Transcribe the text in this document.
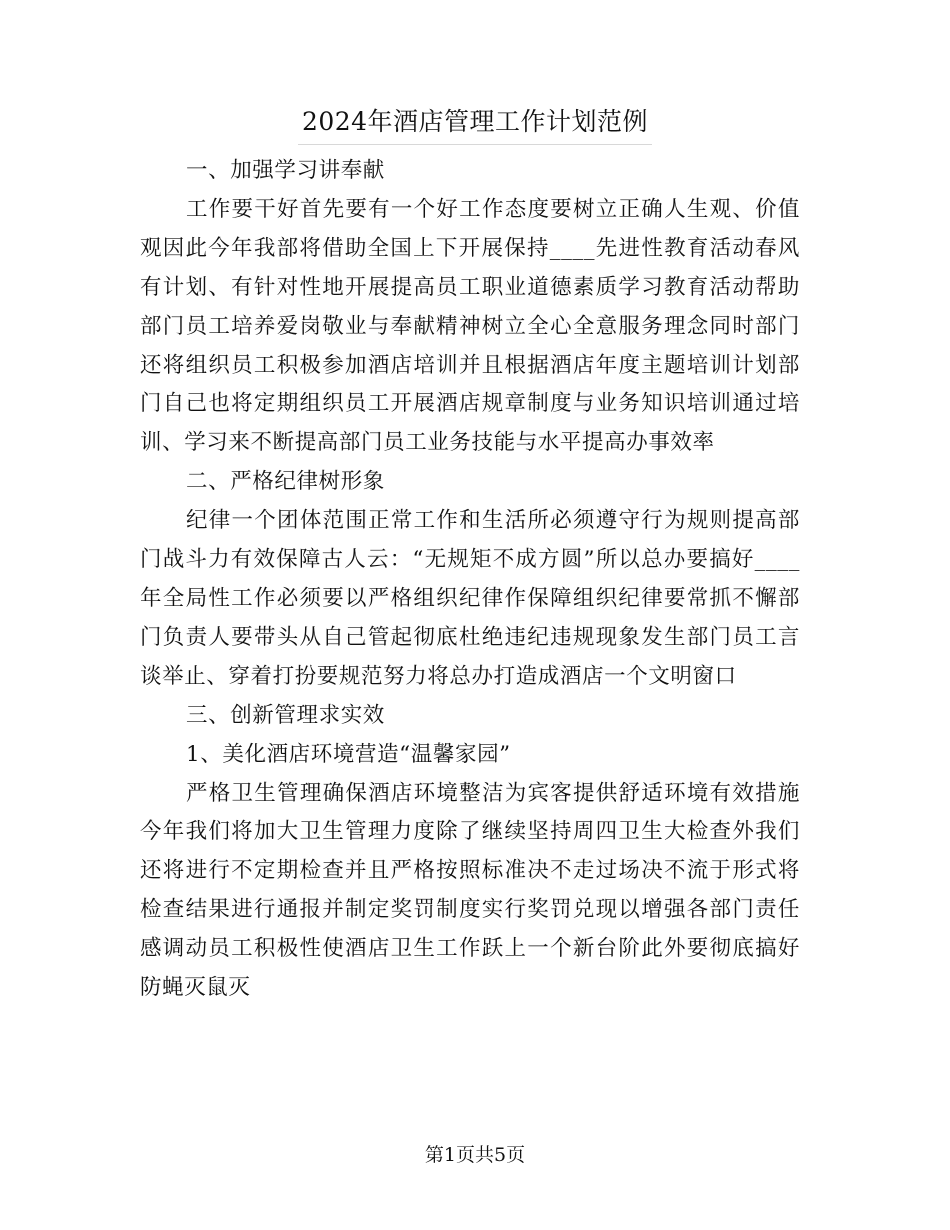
2024年酒店管理工作计划范例

一、加强学习讲奉献

工作要干好首先要有一个好工作态度要树立正确人生观、价值观因此今年我部将借助全国上下开展保持____先进性教育活动春风有计划、有针对性地开展提高员工职业道德素质学习教育活动帮助部门员工培养爱岗敬业与奉献精神树立全心全意服务理念同时部门还将组织员工积极参加酒店培训并且根据酒店年度主题培训计划部门自己也将定期组织员工开展酒店规章制度与业务知识培训通过培训、学习来不断提高部门员工业务技能与水平提高办事效率

二、严格纪律树形象

纪律一个团体范围正常工作和生活所必须遵守行为规则提高部门战斗力有效保障古人云：“无规矩不成方圆”所以总办要搞好____年全局性工作必须要以严格组织纪律作保障组织纪律要常抓不懈部门负责人要带头从自己管起彻底杜绝违纪违规现象发生部门员工言谈举止、穿着打扮要规范努力将总办打造成酒店一个文明窗口

三、创新管理求实效

1、美化酒店环境营造“温馨家园”

严格卫生管理确保酒店环境整洁为宾客提供舒适环境有效措施今年我们将加大卫生管理力度除了继续坚持周四卫生大检查外我们还将进行不定期检查并且严格按照标准决不走过场决不流于形式将检查结果进行通报并制定奖罚制度实行奖罚兑现以增强各部门责任感调动员工积极性使酒店卫生工作跃上一个新台阶此外要彻底搞好防蝇灭鼠灭

第1页共5页
